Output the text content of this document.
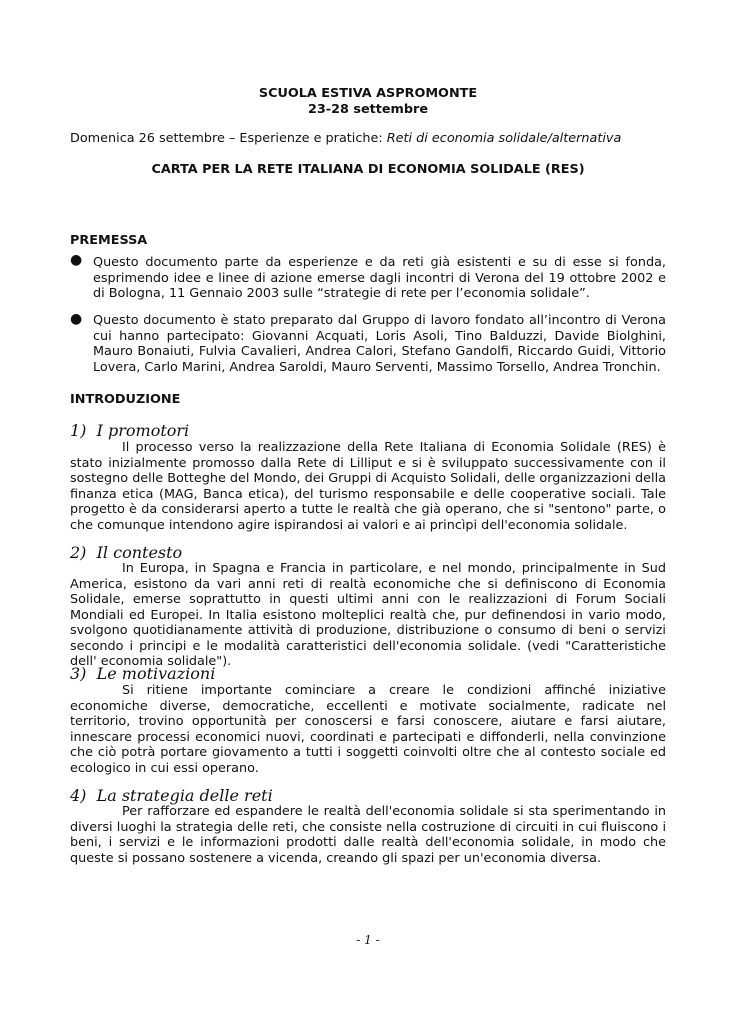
SCUOLA ESTIVA ASPROMONTE
23-28 settembre
Domenica 26 settembre – Esperienze e pratiche: Reti di economia solidale/alternativa
CARTA PER LA RETE ITALIANA DI ECONOMIA SOLIDALE (RES)
PREMESSA
● Questo documento parte da esperienze e da reti già esistenti e su di esse si fonda, esprimendo idee e linee di azione emerse dagli incontri di Verona del 19 ottobre 2002 e di Bologna, 11 Gennaio 2003 sulle “strategie di rete per l’economia solidale”.
● Questo documento è stato preparato dal Gruppo di lavoro fondato all’incontro di Verona cui hanno partecipato: Giovanni Acquati, Loris Asoli, Tino Balduzzi, Davide Biolghini, Mauro Bonaiuti, Fulvia Cavalieri, Andrea Calori, Stefano Gandolfi, Riccardo Guidi, Vittorio Lovera, Carlo Marini, Andrea Saroldi, Mauro Serventi, Massimo Torsello, Andrea Tronchin.
INTRODUZIONE
1) I promotori
Il processo verso la realizzazione della Rete Italiana di Economia Solidale (RES) è stato inizialmente promosso dalla Rete di Lilliput e si è sviluppato successivamente con il sostegno delle Botteghe del Mondo, dei Gruppi di Acquisto Solidali, delle organizzazioni della finanza etica (MAG, Banca etica), del turismo responsabile e delle cooperative sociali. Tale progetto è da considerarsi aperto a tutte le realtà che già operano, che si "sentono" parte, o che comunque intendono agire ispirandosi ai valori e ai princìpi dell'economia solidale.
2) Il contesto
In Europa, in Spagna e Francia in particolare, e nel mondo, principalmente in Sud America, esistono da vari anni reti di realtà economiche che si definiscono di Economia Solidale, emerse soprattutto in questi ultimi anni con le realizzazioni di Forum Sociali Mondiali ed Europei. In Italia esistono molteplici realtà che, pur definendosi in vario modo, svolgono quotidianamente attività di produzione, distribuzione o consumo di beni o servizi secondo i principi e le modalità caratteristici dell'economia solidale. (vedi "Caratteristiche dell' economia solidale").
3) Le motivazioni
Si ritiene importante cominciare a creare le condizioni affinché iniziative economiche diverse, democratiche, eccellenti e motivate socialmente, radicate nel territorio, trovino opportunità per conoscersi e farsi conoscere, aiutare e farsi aiutare, innescare processi economici nuovi, coordinati e partecipati e diffonderli, nella convinzione che ciò potrà portare giovamento a tutti i soggetti coinvolti oltre che al contesto sociale ed ecologico in cui essi operano.
4) La strategia delle reti
Per rafforzare ed espandere le realtà dell'economia solidale si sta sperimentando in diversi luoghi la strategia delle reti, che consiste nella costruzione di circuiti in cui fluiscono i beni, i servizi e le informazioni prodotti dalle realtà dell'economia solidale, in modo che queste si possano sostenere a vicenda, creando gli spazi per un'economia diversa.
- 1 -
